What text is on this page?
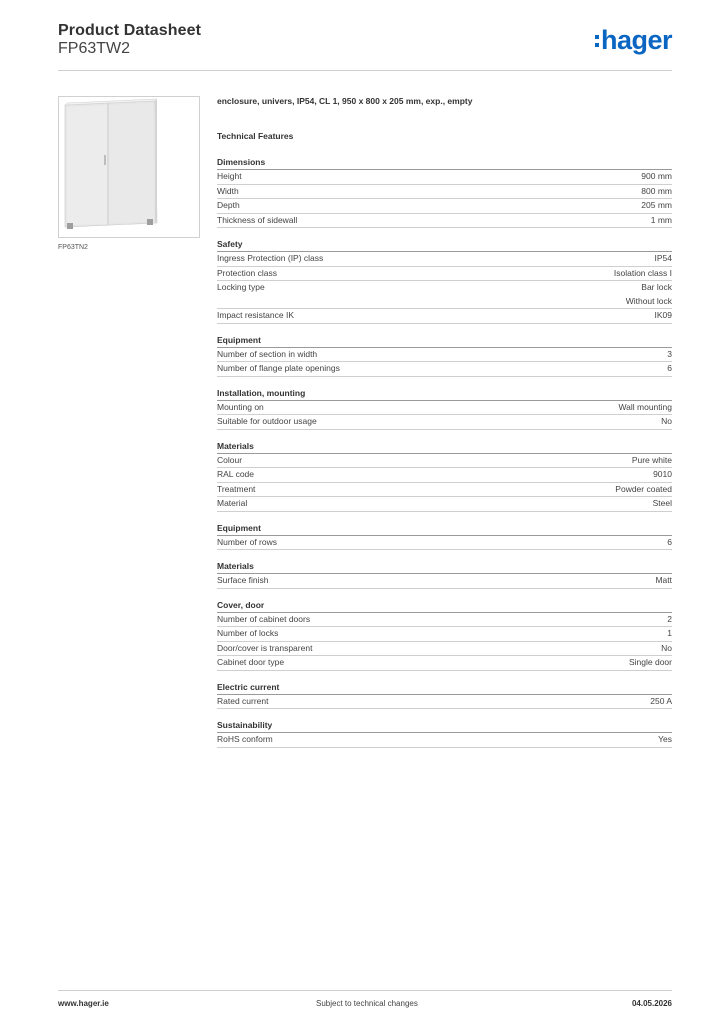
Product Datasheet
FP63TW2	hager
FP63TN2
enclosure, univers, IP54, CL 1, 950 x 800 x 205 mm, exp., empty
Technical Features
Dimensions
Height	900 mm
Width	800 mm
Depth	205 mm
Thickness of sidewall	1 mm
Safety
Ingress Protection (IP) class	IP54
Protection class	Isolation class I
Locking type	Bar lock
Without lock
Impact resistance IK	IK09
Equipment
Number of section in width	3
Number of flange plate openings	6
Installation, mounting
Mounting on	Wall mounting
Suitable for outdoor usage	No
Materials
Colour	Pure white
RAL code	9010
Treatment	Powder coated
Material	Steel
Equipment
Number of rows	6
Materials
Surface finish	Matt
Cover, door
Number of cabinet doors	2
Number of locks	1
Door/cover is transparent	No
Cabinet door type	Single door
Electric current
Rated current	250 A
Sustainability
RoHS conform	Yes
www.hager.ie	Subject to technical changes	04.05.2026
